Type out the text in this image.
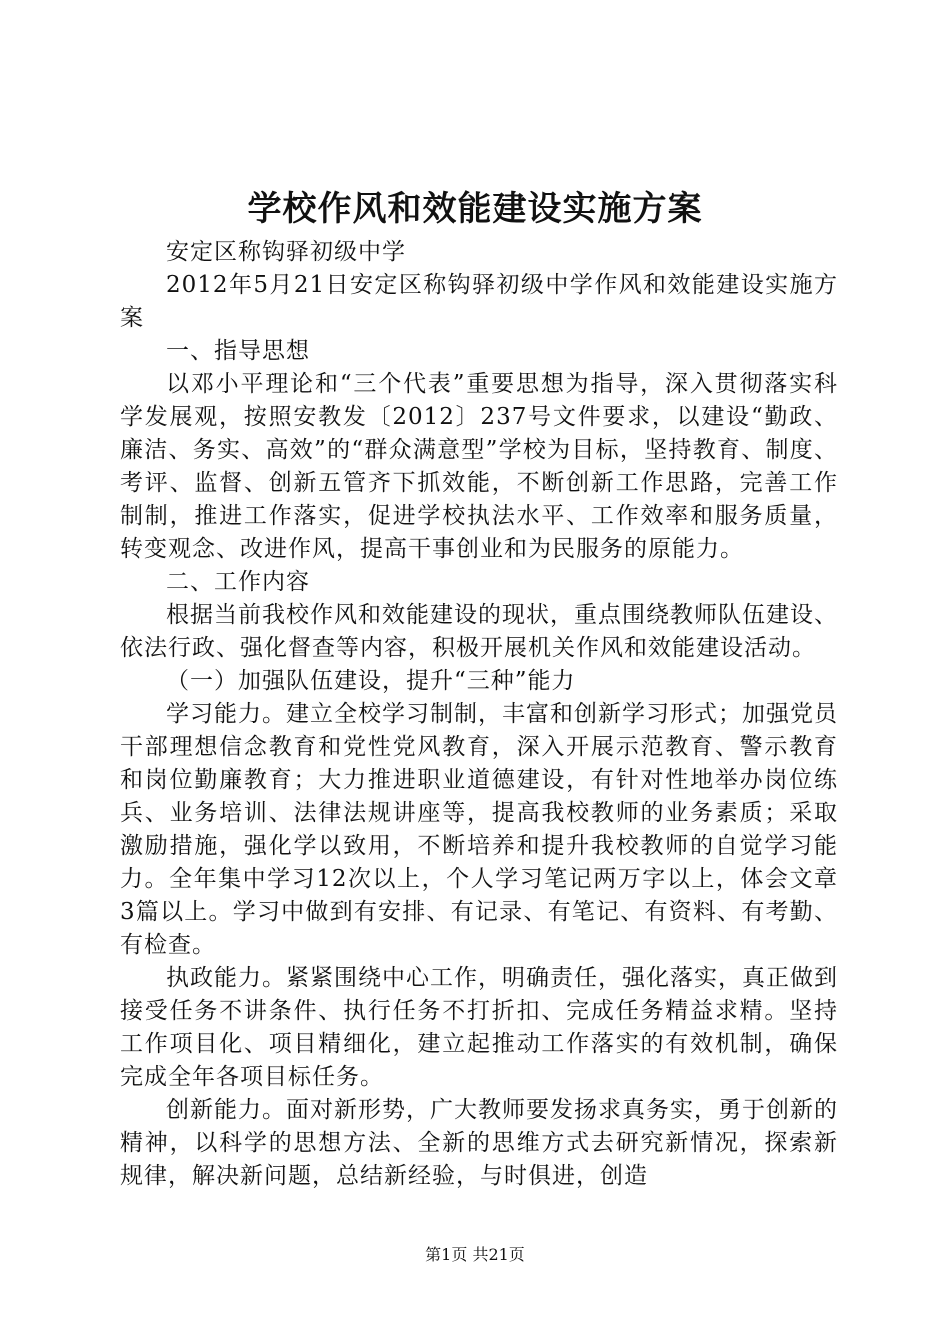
学校作风和效能建设实施方案

安定区称钩驿初级中学

2012年5月21日安定区称钩驿初级中学作风和效能建设实施方案

一、指导思想

以邓小平理论和“三个代表”重要思想为指导，深入贯彻落实科学发展观，按照安教发〔2012〕237号文件要求，以建设“勤政、廉洁、务实、高效”的“群众满意型”学校为目标，坚持教育、制度、考评、监督、创新五管齐下抓效能，不断创新工作思路，完善工作制制，推进工作落实，促进学校执法水平、工作效率和服务质量，转变观念、改进作风，提高干事创业和为民服务的原能力。

二、工作内容

根据当前我校作风和效能建设的现状，重点围绕教师队伍建设、依法行政、强化督查等内容，积极开展机关作风和效能建设活动。

（一）加强队伍建设，提升“三种”能力

学习能力。建立全校学习制制，丰富和创新学习形式；加强党员干部理想信念教育和党性党风教育，深入开展示范教育、警示教育和岗位勤廉教育；大力推进职业道德建设，有针对性地举办岗位练兵、业务培训、法律法规讲座等，提高我校教师的业务素质；采取激励措施，强化学以致用，不断培养和提升我校教师的自觉学习能力。全年集中学习12次以上，个人学习笔记两万字以上，体会文章3篇以上。学习中做到有安排、有记录、有笔记、有资料、有考勤、有检查。

执政能力。紧紧围绕中心工作，明确责任，强化落实，真正做到接受任务不讲条件、执行任务不打折扣、完成任务精益求精。坚持工作项目化、项目精细化，建立起推动工作落实的有效机制，确保完成全年各项目标任务。

创新能力。面对新形势，广大教师要发扬求真务实，勇于创新的精神，以科学的思想方法、全新的思维方式去研究新情况，探索新规律，解决新问题，总结新经验，与时俱进，创造

第1页 共21页
